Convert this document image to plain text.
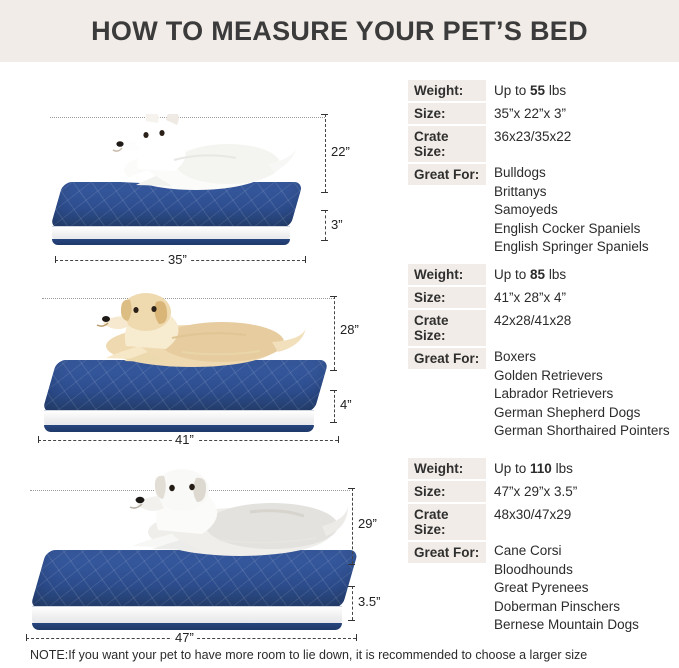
HOW TO MEASURE YOUR PET’S BED
22”
3”
35”
Weight:	Up to 55 lbs
Size:	35”x 22”x 3”
Crate Size:
36x23/35x22
Great For:	Bulldogs
Brittanys
Samoyeds
English Cocker Spaniels
English Springer Spaniels
28”
4”
41”
Weight:	Up to 85 lbs
Size:	41”x 28”x 4”
Crate Size:
42x28/41x28
Great For:	Boxers
Golden Retrievers
Labrador Retrievers
German Shepherd Dogs
German Shorthaired Pointers
29”
3.5”
47”
Weight:	Up to 110 lbs
Size:	47”x 29”x 3.5”
Crate Size:
48x30/47x29
Great For:	Cane Corsi
Bloodhounds
Great Pyrenees
Doberman Pinschers
Bernese Mountain Dogs
NOTE:If you want your pet to have more room to lie down, it is recommended to choose a larger size
